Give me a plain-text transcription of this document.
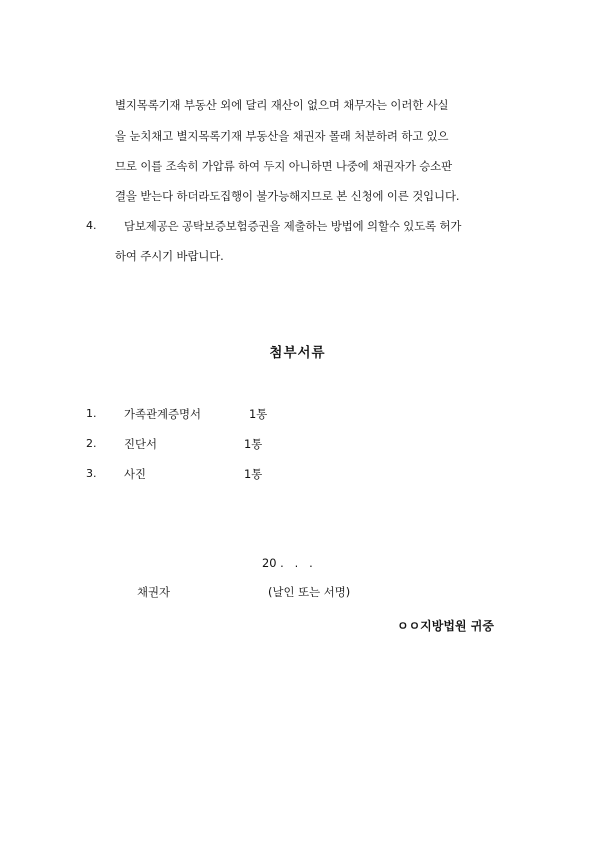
별지목록기재 부동산 외에 달리 재산이 없으며 채무자는 이러한 사실
을 눈치채고 별지목록기재 부동산을 채권자 몰래 처분하려 하고 있으
므로 이를 조속히 가압류 하여 두지 아니하면 나중에 채권자가 승소판
결을 받는다 하더라도집행이 불가능해지므로 본 신청에 이른 것입니다.
4. 담보제공은 공탁보증보험증권을 제출하는 방법에 의할수 있도록 허가
하여 주시기 바랍니다.
첨부서류
1. 가족관계증명서	1통
2. 진단서	1통
3. 사진	1통
20 .   .   .
채권자	(날인 또는 서명)
ㅇㅇ지방법원 귀중
